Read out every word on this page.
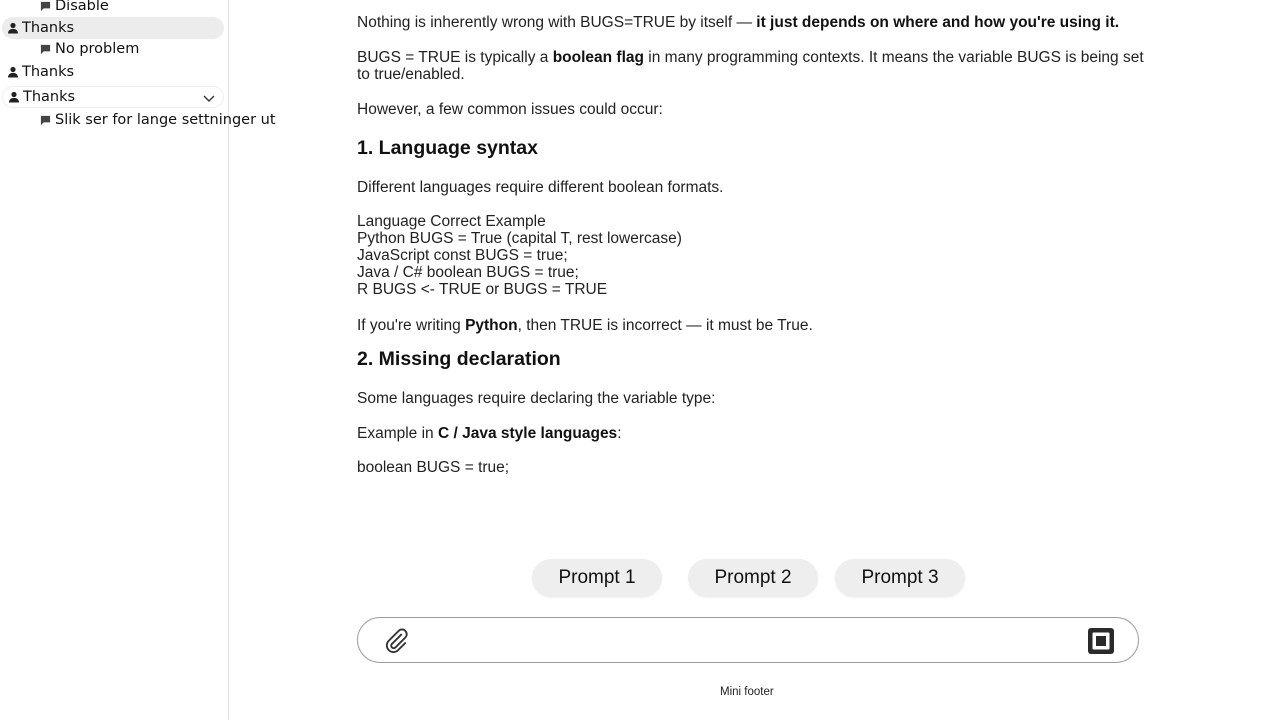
Disable
Thanks
No problem
Thanks
Thanks
Slik ser for lange settninger ut
Nothing is inherently wrong with BUGS=TRUE by itself — it just depends on where and how you're using it.
BUGS = TRUE is typically a boolean flag in many programming contexts. It means the variable BUGS is being set to true/enabled.
However, a few common issues could occur:
1. Language syntax
Different languages require different boolean formats.
Language Correct Example
Python BUGS = True (capital T, rest lowercase)
JavaScript const BUGS = true;
Java / C# boolean BUGS = true;
R BUGS <- TRUE or BUGS = TRUE
If you're writing Python, then TRUE is incorrect — it must be True.
2. Missing declaration
Some languages require declaring the variable type:
Example in C / Java style languages:
boolean BUGS = true;
Prompt 1	Prompt 2	Prompt 3
Mini footer
